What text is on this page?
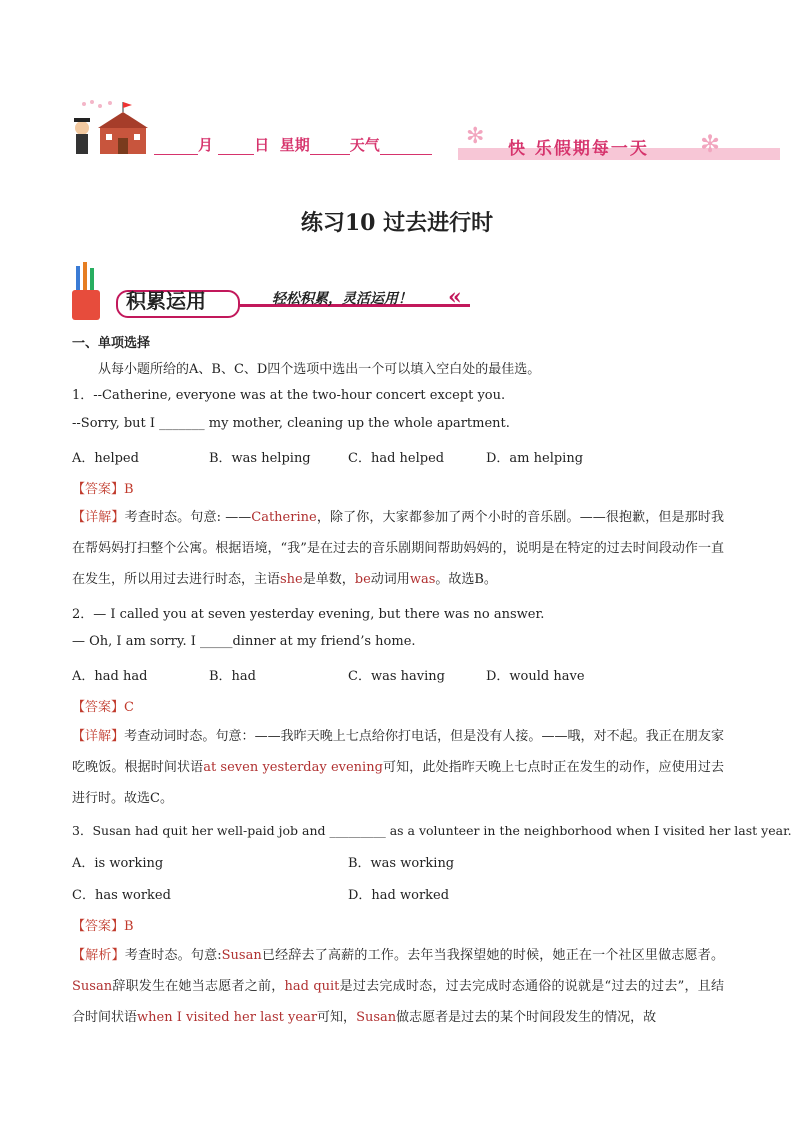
月	日 星期	天气	✻	✻
快 乐假期每一天
练习10 过去进行时
积累运用	轻松积累，灵活运用！ «
一、单项选择
从每小题所给的A、B、C、D四个选项中选出一个可以填入空白处的最佳选。
1．--Catherine, everyone was at the two-hour concert except you.
--Sorry, but I _______ my mother, cleaning up the whole apartment.
A．helped	B．was helping	C．had helped	D．am helping
【答案】B
【详解】考查时态。句意: ——Catherine，除了你，大家都参加了两个小时的音乐剧。——很抱歉，但是那时我在帮妈妈打扫整个公寓。根据语境，“我”是在过去的音乐剧期间帮助妈妈的，说明是在特定的过去时间段动作一直在发生，所以用过去进行时态，主语she是单数，be动词用was。故选B。
2．— I called you at seven yesterday evening, but there was no answer.
— Oh, I am sorry. I _____dinner at my friend’s home.
A．had had	B．had	C．was having	D．would have
【答案】C
【详解】考查动词时态。句意：——我昨天晚上七点给你打电话，但是没有人接。——哦，对不起。我正在朋友家吃晚饭。根据时间状语at seven yesterday evening可知，此处指昨天晚上七点时正在发生的动作，应使用过去进行时。故选C。
3．Susan had quit her well-paid job and _________ as a volunteer in the neighborhood when I visited her last year.
A．is working	B．was working
C．has worked	D．had worked
【答案】B
【解析】考查时态。句意:Susan已经辞去了高薪的工作。去年当我探望她的时候，她正在一个社区里做志愿者。Susan辞职发生在她当志愿者之前，had quit是过去完成时态，过去完成时态通俗的说就是“过去的过去”，且结合时间状语when I visited her last year可知，Susan做志愿者是过去的某个时间段发生的情况，故
